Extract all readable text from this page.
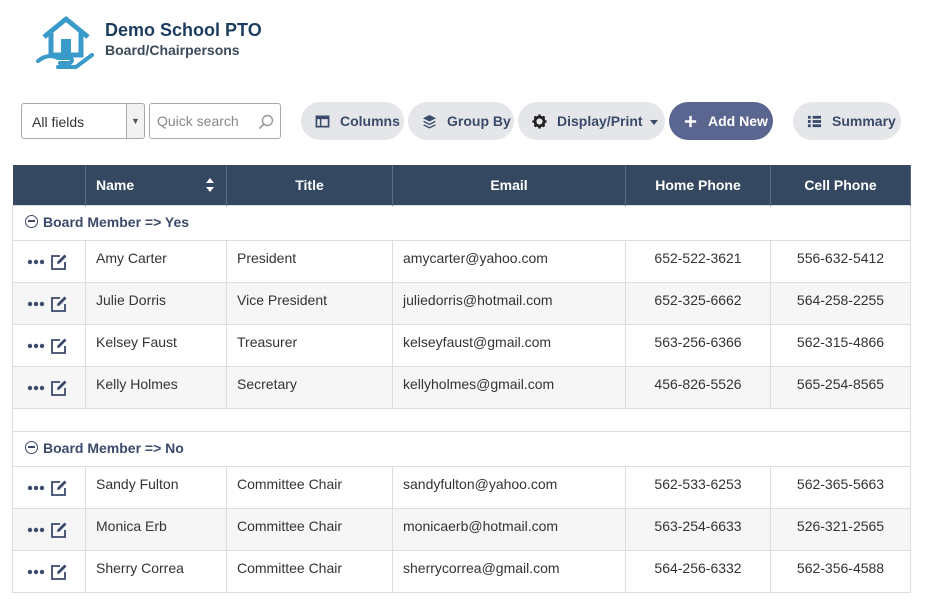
Demo School PTO
Board/Chairpersons
All fields	▼
Quick search	Columns	Group By	Display/Print	Add New	Summary
	Name	Title	Email	Home Phone	Cell Phone
Board Member => Yes					
	Amy Carter	President	amycarter@yahoo.com	652-522-3621	556-632-5412
	Julie Dorris	Vice President	juliedorris@hotmail.com	652-325-6662	564-258-2255
	Kelsey Faust	Treasurer	kelseyfaust@gmail.com	563-256-6366	562-315-4866
	Kelly Holmes	Secretary	kellyholmes@gmail.com	456-826-5526	565-254-8565

Board Member => No					
	Sandy Fulton	Committee Chair	sandyfulton@yahoo.com	562-533-6253	562-365-5663
	Monica Erb	Committee Chair	monicaerb@hotmail.com	563-254-6633	526-321-2565
	Sherry Correa	Committee Chair	sherrycorrea@gmail.com	564-256-6332	562-356-4588
